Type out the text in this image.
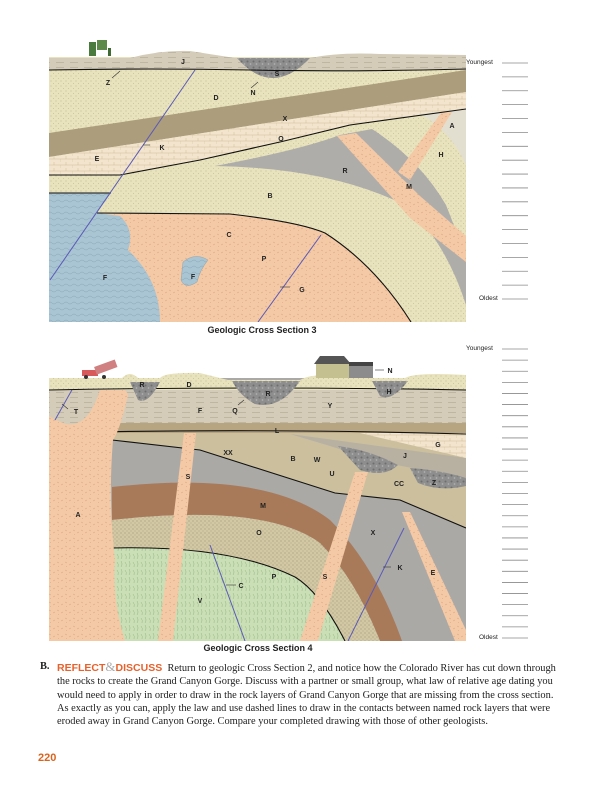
J
S
Z
N
D
X
A
O
K
E
H
R
M
B
C
P
F
F
G
Geologic Cross Section 3
R	D
N
R	H
Y
T	F	Q
L
G
XX
B	W
J
U
S
CC	Z
A
M
X
O
K
E
P	S
C
V
Geologic Cross Section 4
Youngest
Oldest
Youngest
Oldest
B. REFLECT&DISCUSS Return to geologic Cross Section 2, and notice how the Colorado River has cut down through the rocks to create the Grand Canyon Gorge. Discuss with a partner or small group, what law of relative age dating you would need to apply in order to draw in the rock layers of Grand Canyon Gorge that are missing from the cross section. As exactly as you can, apply the law and use dashed lines to draw in the contacts between named rock layers that were eroded away in Grand Canyon Gorge. Compare your completed drawing with those of other geologists.
220
